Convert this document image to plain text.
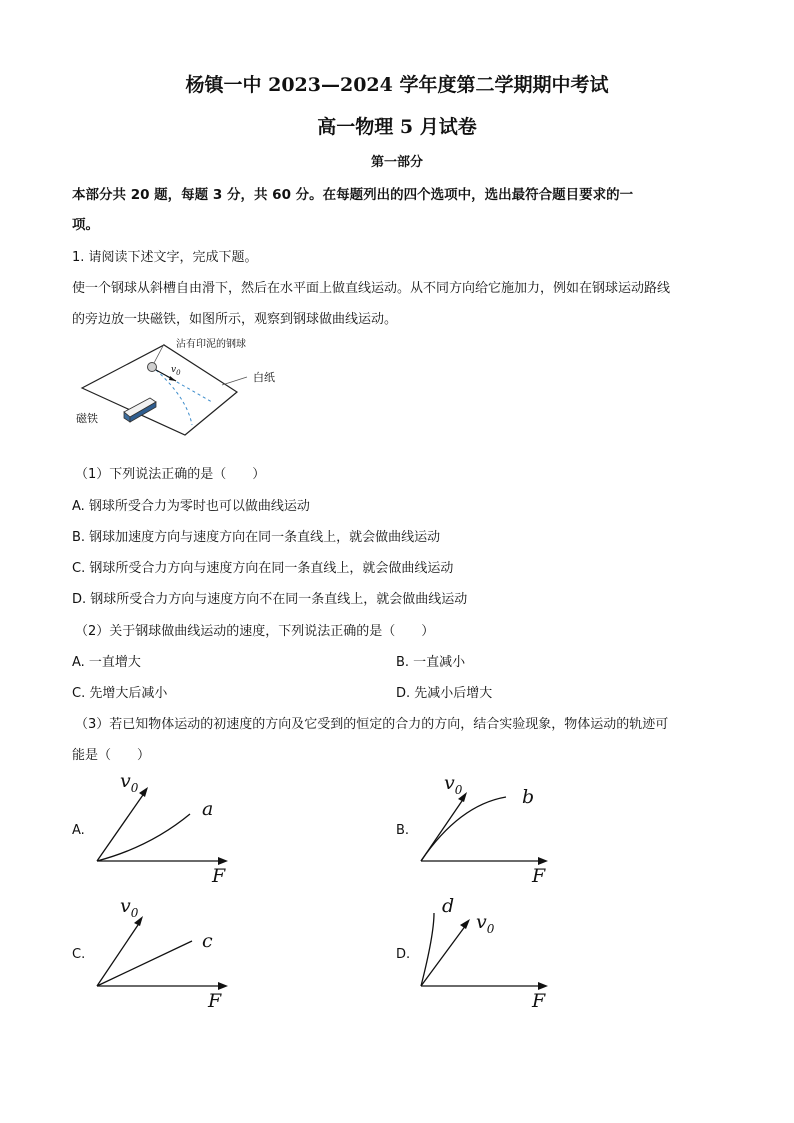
杨镇一中 2023—2024 学年度第二学期期中考试
高一物理 5 月试卷
第一部分
本部分共 20 题，每题 3 分，共 60 分。在每题列出的四个选项中，选出最符合题目要求的一
项。
1. 请阅读下述文字，完成下题。
使一个钢球从斜槽自由滑下，然后在水平面上做直线运动。从不同方向给它施加力，例如在钢球运动路线
的旁边放一块磁铁，如图所示，观察到钢球做曲线运动。
沾有印泥的钢球
$v_0$	白纸
磁铁
（1）下列说法正确的是（　　）
A. 钢球所受合力为零时也可以做曲线运动
B. 钢球加速度方向与速度方向在同一条直线上，就会做曲线运动
C. 钢球所受合力方向与速度方向在同一条直线上，就会做曲线运动
D. 钢球所受合力方向与速度方向不在同一条直线上，就会做曲线运动
（2）关于钢球做曲线运动的速度，下列说法正确的是（　　）
A. 一直增大	B. 一直减小
C. 先增大后减小	D. 先减小后增大
（3）若已知物体运动的初速度的方向及它受到的恒定的合力的方向，结合实验现象，物体运动的轨迹可
能是（　　）
A.
$v_0$
a
F
B.
$v_0$	b
F
C.
$v_0$
c
F
D.
d
$v_0$
F
